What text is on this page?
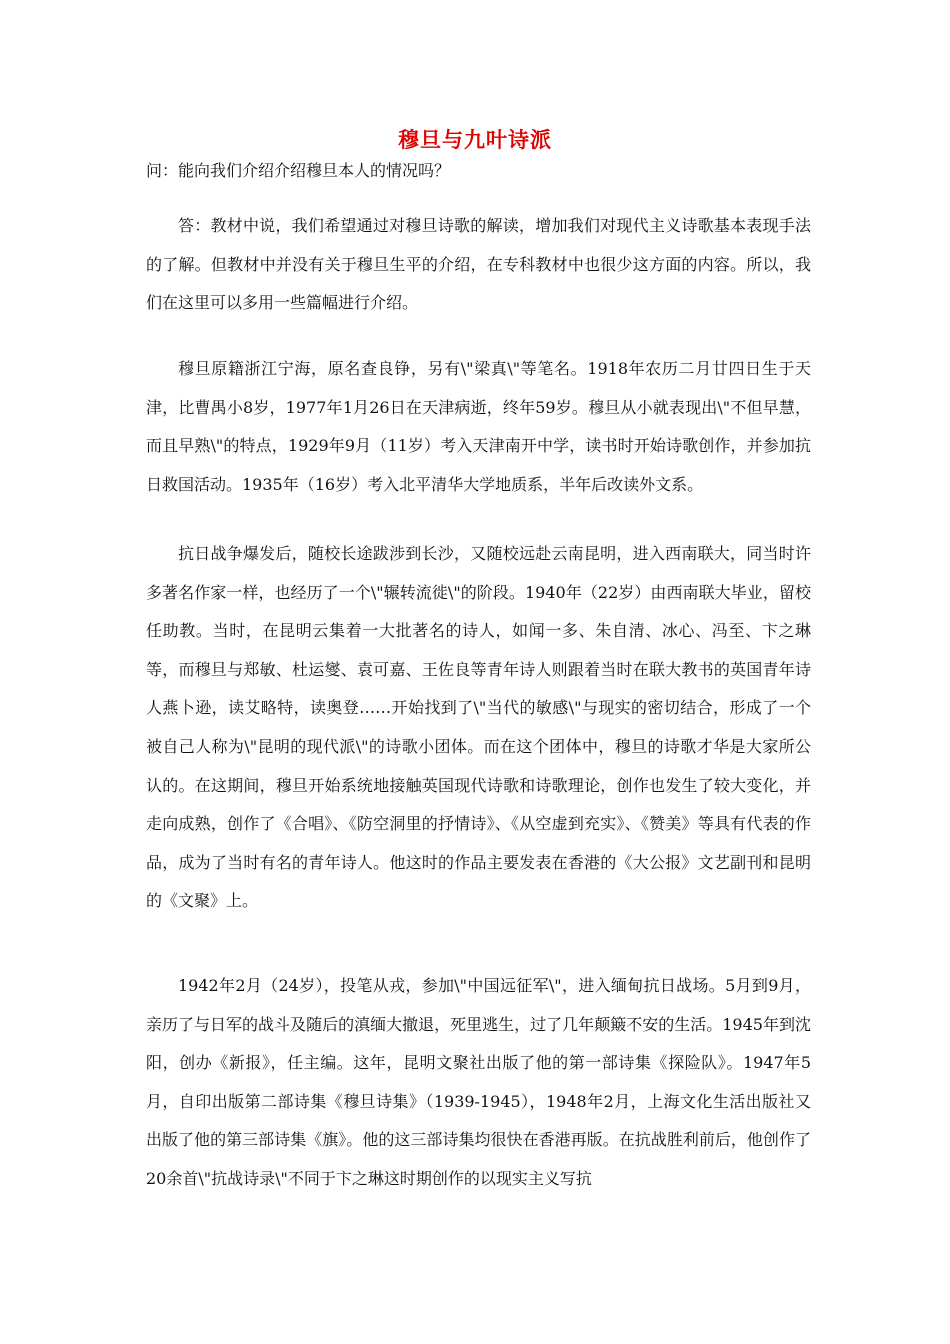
穆旦与九叶诗派
问：能向我们介绍介绍穆旦本人的情况吗？

答：教材中说，我们希望通过对穆旦诗歌的解读，增加我们对现代主义诗歌基本表现手法的了解。但教材中并没有关于穆旦生平的介绍，在专科教材中也很少这方面的内容。所以，我们在这里可以多用一些篇幅进行介绍。

穆旦原籍浙江宁海，原名查良铮，另有\"梁真\"等笔名。1918年农历二月廿四日生于天津，比曹禺小8岁，1977年1月26日在天津病逝，终年59岁。穆旦从小就表现出\"不但早慧，而且早熟\"的特点，1929年9月（11岁）考入天津南开中学，读书时开始诗歌创作，并参加抗日救国活动。1935年（16岁）考入北平清华大学地质系，半年后改读外文系。

抗日战争爆发后，随校长途跋涉到长沙，又随校远赴云南昆明，进入西南联大，同当时许多著名作家一样，也经历了一个\"辗转流徙\"的阶段。1940年（22岁）由西南联大毕业，留校任助教。当时，在昆明云集着一大批著名的诗人，如闻一多、朱自清、冰心、冯至、卞之琳等，而穆旦与郑敏、杜运燮、袁可嘉、王佐良等青年诗人则跟着当时在联大教书的英国青年诗人燕卜逊，读艾略特，读奥登……开始找到了\"当代的敏感\"与现实的密切结合，形成了一个被自己人称为\"昆明的现代派\"的诗歌小团体。而在这个团体中，穆旦的诗歌才华是大家所公认的。在这期间，穆旦开始系统地接触英国现代诗歌和诗歌理论，创作也发生了较大变化，并走向成熟，创作了《合唱》、《防空洞里的抒情诗》、《从空虚到充实》、《赞美》等具有代表的作品，成为了当时有名的青年诗人。他这时的作品主要发表在香港的《大公报》文艺副刊和昆明的《文聚》上。

1942年2月（24岁），投笔从戎，参加\"中国远征军\"，进入缅甸抗日战场。5月到9月，亲历了与日军的战斗及随后的滇缅大撤退，死里逃生，过了几年颠簸不安的生活。1945年到沈阳，创办《新报》，任主编。这年，昆明文聚社出版了他的第一部诗集《探险队》。1947年5月，自印出版第二部诗集《穆旦诗集》（1939-1945），1948年2月，上海文化生活出版社又出版了他的第三部诗集《旗》。他的这三部诗集均很快在香港再版。在抗战胜利前后，他创作了20余首\"抗战诗录\"不同于卞之琳这时期创作的以现实主义写抗
